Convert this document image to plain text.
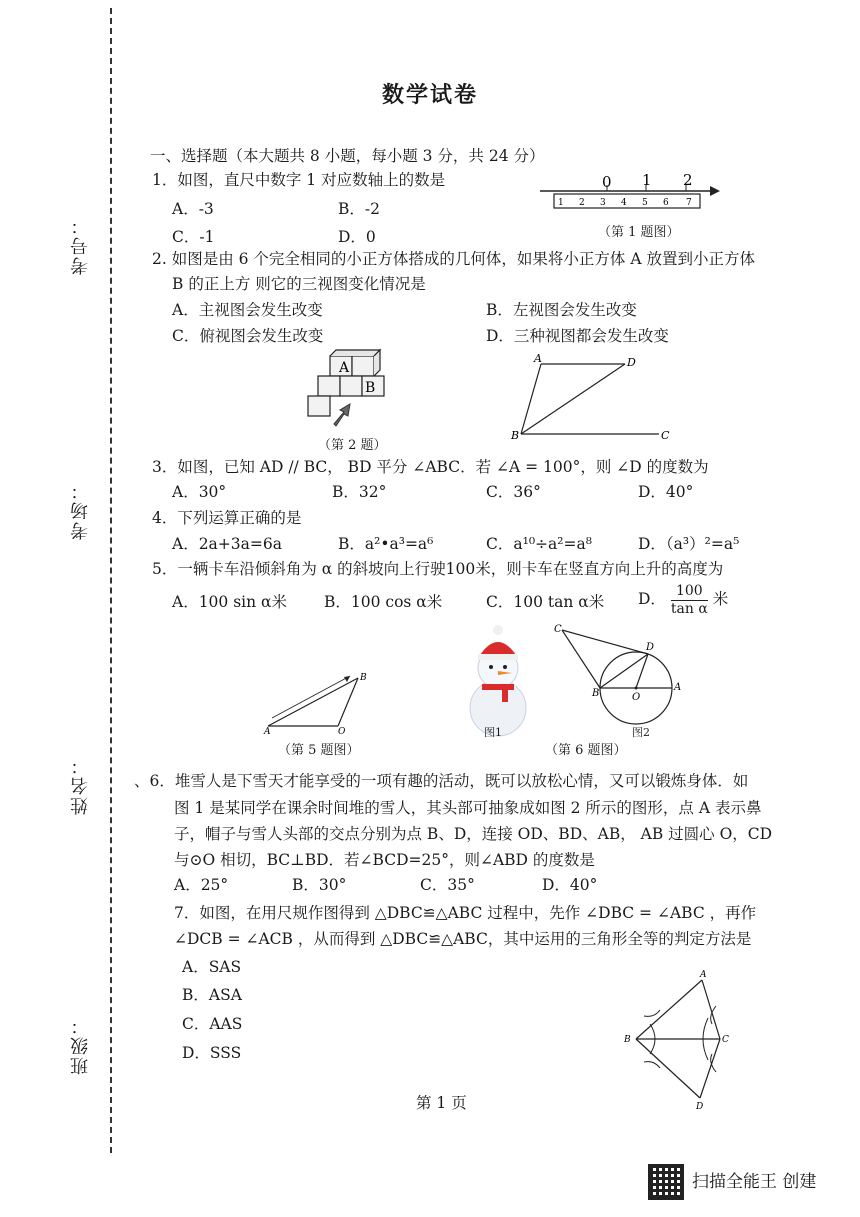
考号：
考场：
姓名：
班级：
数学试卷
一、选择题（本大题共 8 小题，每小题 3 分，共 24 分）
1．如图，直尺中数字 1 对应数轴上的数是
A．-3	B．-2
C．-1	D．0
0 1 2
1 2 3 4 5 6 7
（第 1 题图）
2. 如图是由 6 个完全相同的小正方体搭成的几何体，如果将小正方体 A 放置到小正方体
B 的正上方 则它的三视图变化情况是
A．主视图会发生改变	B．左视图会发生改变
C．俯视图会发生改变	D．三种视图都会发生改变
A
B
（第 2 题）
A	D
B	C
3．如图，已知 AD // BC， BD 平分 ∠ABC．若 ∠A = 100°，则 ∠D 的度数为
A．30°	B．32°	C．36°	D．40°
4．下列运算正确的是
A．2a+3a=6a	B．a²•a³=a⁶	C．a¹⁰÷a²=a⁸	D．（a³）²=a⁵
5．一辆卡车沿倾斜角为 α 的斜坡向上行驶100米，则卡车在竖直方向上升的高度为
A．100 sin α米 B．100 cos α米	C．100 tan α米 D． $\frac{100}{\text{tan α}}$ 米
A
B
O
（第 5 题图）
图1
C
D
B	O
A
图2
（第 6 题图）
、6．堆雪人是下雪天才能享受的一项有趣的活动，既可以放松心情，又可以锻炼身体．如
图 1 是某同学在课余时间堆的雪人，其头部可抽象成如图 2 所示的图形，点 A 表示鼻
子，帽子与雪人头部的交点分别为点 B、D，连接 OD、BD、AB， AB 过圆心 O，CD
与⊙O 相切，BC⊥BD．若∠BCD=25°，则∠ABD 的度数是
A．25°	B．30°	C．35°	D．40°
7．如图，在用尺规作图得到 △DBC≌△ABC 过程中，先作 ∠DBC = ∠ABC ，再作
∠DCB = ∠ACB ，从而得到 △DBC≌△ABC，其中运用的三角形全等的判定方法是
A．SAS
B．ASA
C．AAS
D．SSS
A
B	C
D
第 1 页
扫描全能王 创建
